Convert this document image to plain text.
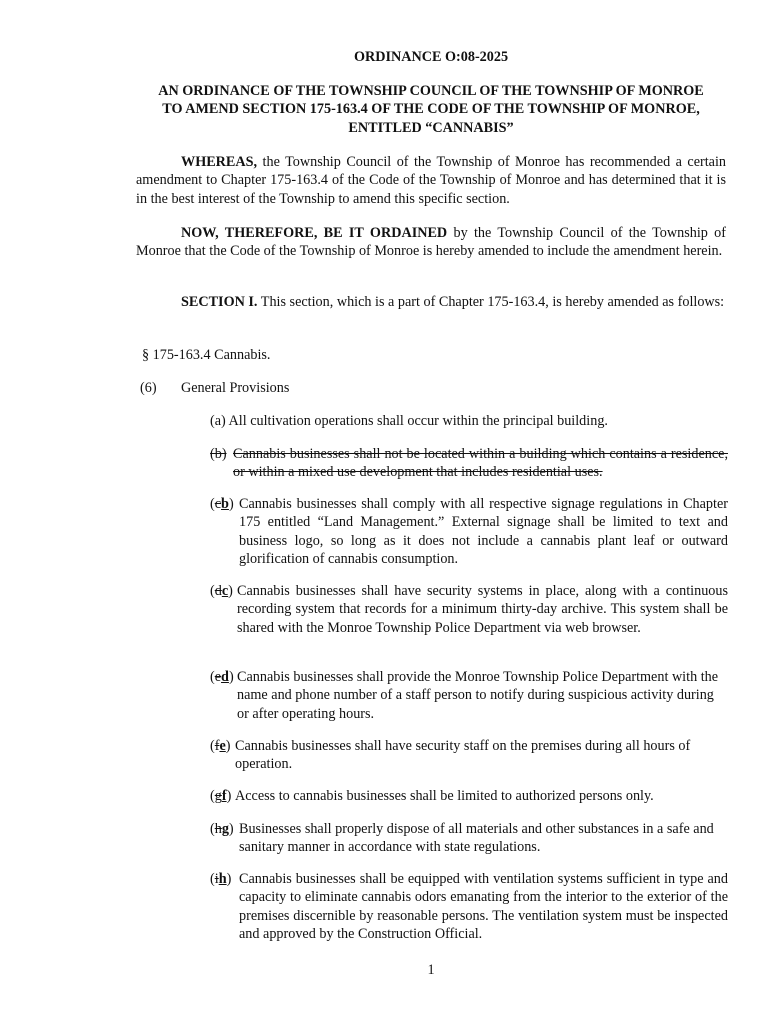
ORDINANCE O:08-2025
AN ORDINANCE OF THE TOWNSHIP COUNCIL OF THE TOWNSHIP OF MONROE
TO AMEND SECTION 175-163.4 OF THE CODE OF THE TOWNSHIP OF MONROE,
ENTITLED “CANNABIS”
WHEREAS, the Township Council of the Township of Monroe has recommended a certain amendment to Chapter 175-163.4 of the Code of the Township of Monroe and has determined that it is in the best interest of the Township to amend this specific section.
NOW, THEREFORE, BE IT ORDAINED by the Township Council of the Township of Monroe that the Code of the Township of Monroe is hereby amended to include the amendment herein.
SECTION I. This section, which is a part of Chapter 175-163.4, is hereby amended as follows:
§ 175-163.4 Cannabis.
(6) General Provisions
(a) All cultivation operations shall occur within the principal building.
(b) Cannabis businesses shall not be located within a building which contains a residence, or within a mixed use development that includes residential uses.
(cb) Cannabis businesses shall comply with all respective signage regulations in Chapter 175 entitled “Land Management.” External signage shall be limited to text and business logo, so long as it does not include a cannabis plant leaf or outward glorification of cannabis consumption.
(dc) Cannabis businesses shall have security systems in place, along with a continuous recording system that records for a minimum thirty-day archive. This system shall be shared with the Monroe Township Police Department via web browser.
(ed) Cannabis businesses shall provide the Monroe Township Police Department with the name and phone number of a staff person to notify during suspicious activity during or after operating hours.
(fe) Cannabis businesses shall have security staff on the premises during all hours of operation.
(gf) Access to cannabis businesses shall be limited to authorized persons only.
(hg) Businesses shall properly dispose of all materials and other substances in a safe and sanitary manner in accordance with state regulations.
(ih) Cannabis businesses shall be equipped with ventilation systems sufficient in type and capacity to eliminate cannabis odors emanating from the interior to the exterior of the premises discernible by reasonable persons. The ventilation system must be inspected and approved by the Construction Official.
1
